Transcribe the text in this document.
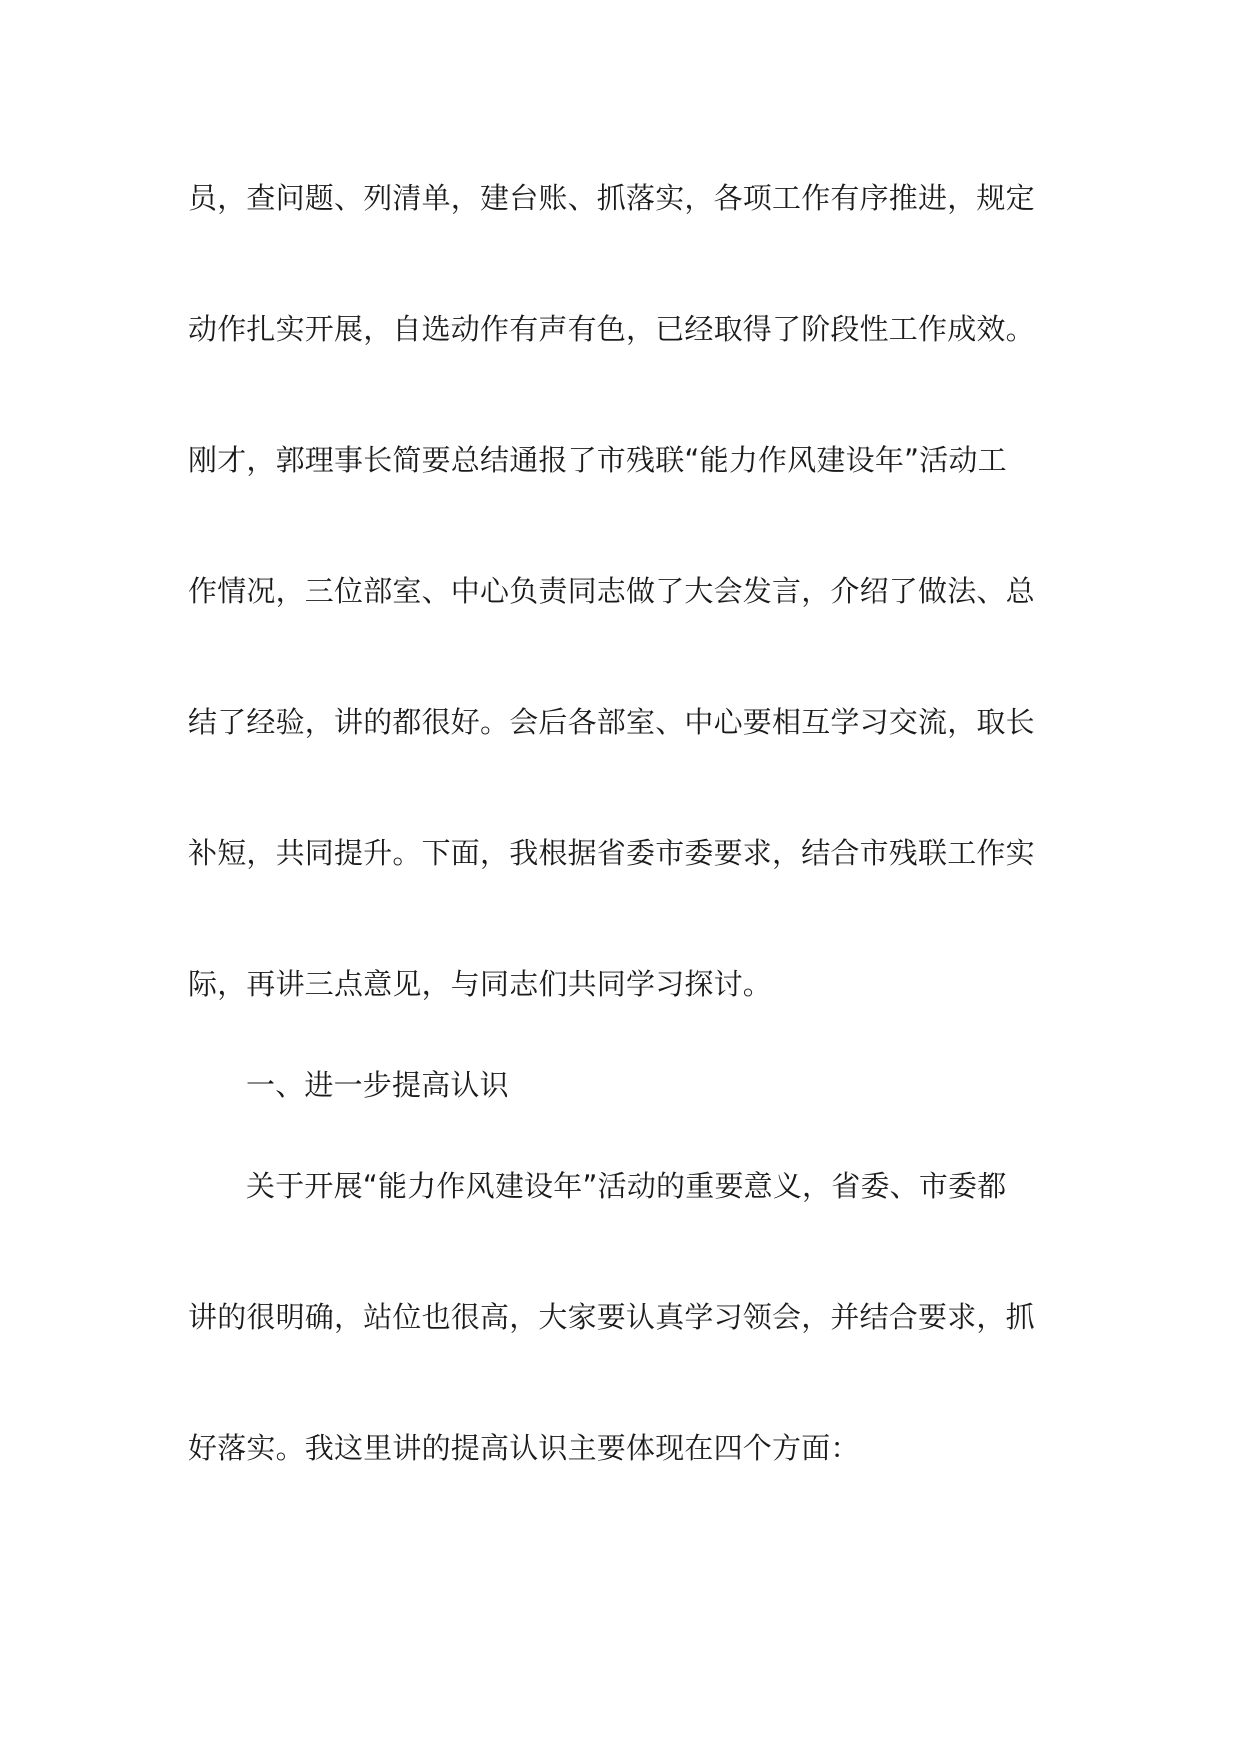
员，查问题、列清单，建台账、抓落实，各项工作有序推进，规定
动作扎实开展，自选动作有声有色，已经取得了阶段性工作成效。
刚才，郭理事长简要总结通报了市残联“能力作风建设年”活动工
作情况，三位部室、中心负责同志做了大会发言，介绍了做法、总
结了经验，讲的都很好。会后各部室、中心要相互学习交流，取长
补短，共同提升。下面，我根据省委市委要求，结合市残联工作实
际，再讲三点意见，与同志们共同学习探讨。
一、进一步提高认识
关于开展“能力作风建设年”活动的重要意义，省委、市委都
讲的很明确，站位也很高，大家要认真学习领会，并结合要求，抓
好落实。我这里讲的提高认识主要体现在四个方面：
